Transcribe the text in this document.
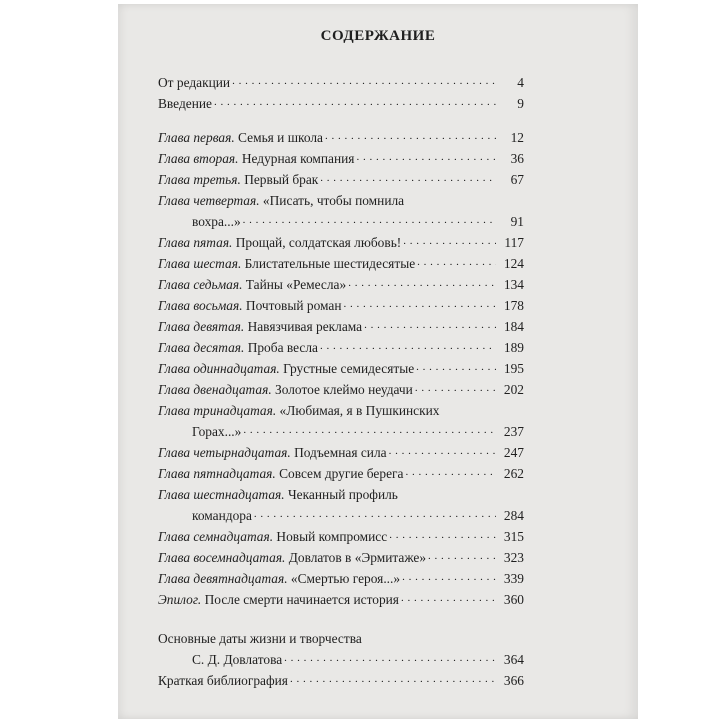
СОДЕРЖАНИЕ
От редакции . . .	4
Введение . . .	9
Глава первая. Семья и школа . . .	12
Глава вторая. Недурная компания . . .	36
Глава третья. Первый брак . . .	67
Глава четвертая. «Писать, чтобы помнила
вохра...» . . .	91
Глава пятая. Прощай, солдатская любовь! . . .	117
Глава шестая. Блистательные шестидесятые . . .	124
Глава седьмая. Тайны «Ремесла» . . .	134
Глава восьмая. Почтовый роман . . .	178
Глава девятая. Навязчивая реклама . . .	184
Глава десятая. Проба весла . . .	189
Глава одиннадцатая. Грустные семидесятые . . .	195
Глава двенадцатая. Золотое клеймо неудачи . . .	202
Глава тринадцатая. «Любимая, я в Пушкинских
Горах...» . . .	237
Глава четырнадцатая. Подъемная сила . . .	247
Глава пятнадцатая. Совсем другие берега . . .	262
Глава шестнадцатая. Чеканный профиль
командора . . .	284
Глава семнадцатая. Новый компромисс . . .	315
Глава восемнадцатая. Довлатов в «Эрмитаже» . . .	323
Глава девятнадцатая. «Смертью героя...» . . .	339
Эпилог. После смерти начинается история . . .	360
Основные даты жизни и творчества
С. Д. Довлатова . . .	364
Краткая библиография . . .	366
